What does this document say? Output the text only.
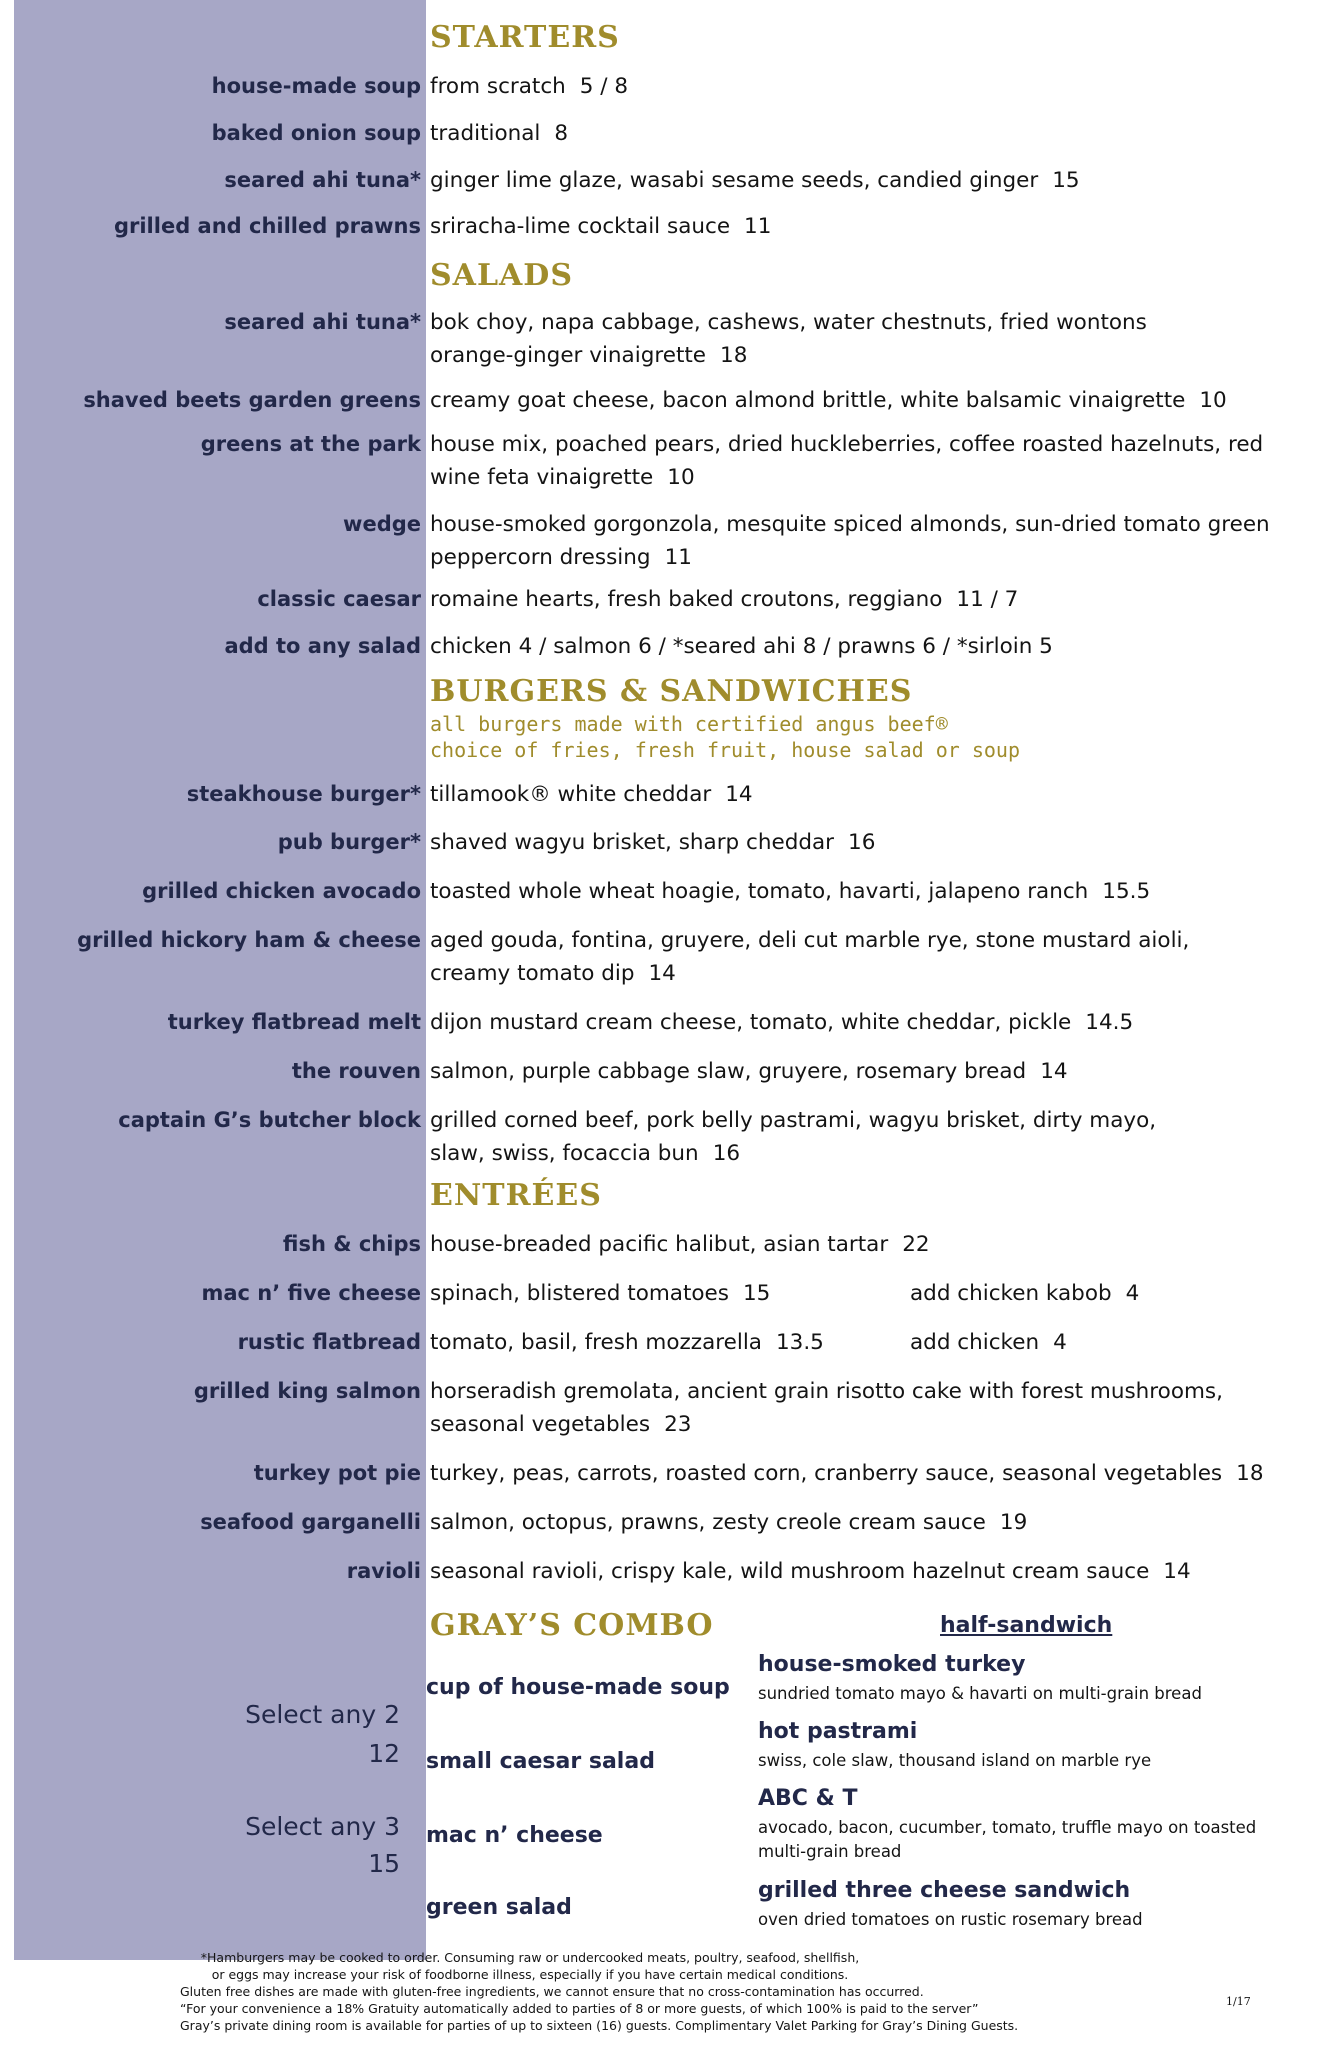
STARTERS
house-made soup from scratch 5 / 8
baked onion soup traditional 8
seared ahi tuna* ginger lime glaze, wasabi sesame seeds, candied ginger 15
grilled and chilled prawns sriracha-lime cocktail sauce 11
SALADS
seared ahi tuna* bok choy, napa cabbage, cashews, water chestnuts, fried wontons orange-ginger vinaigrette 18
shaved beets garden greens creamy goat cheese, bacon almond brittle, white balsamic vinaigrette 10
greens at the park house mix, poached pears, dried huckleberries, coffee roasted hazelnuts, red wine feta vinaigrette 10
wedge house-smoked gorgonzola, mesquite spiced almonds, sun-dried tomato green peppercorn dressing 11
classic caesar romaine hearts, fresh baked croutons, reggiano 11 / 7
add to any salad chicken 4 / salmon 6 / *seared ahi 8 / prawns 6 / *sirloin 5
BURGERS & SANDWICHES
all burgers made with certified angus beef®
choice of fries, fresh fruit, house salad or soup
steakhouse burger* tillamook® white cheddar 14
pub burger* shaved wagyu brisket, sharp cheddar 16
grilled chicken avocado toasted whole wheat hoagie, tomato, havarti, jalapeno ranch 15.5
grilled hickory ham & cheese aged gouda, fontina, gruyere, deli cut marble rye, stone mustard aioli, creamy tomato dip 14
turkey flatbread melt dijon mustard cream cheese, tomato, white cheddar, pickle 14.5
the rouven salmon, purple cabbage slaw, gruyere, rosemary bread 14
captain G’s butcher block grilled corned beef, pork belly pastrami, wagyu brisket, dirty mayo, slaw, swiss, focaccia bun 16
ENTRÉES
fish & chips house-breaded pacific halibut, asian tartar 22
mac n’ five cheese spinach, blistered tomatoes 15	add chicken kabob 4
rustic flatbread tomato, basil, fresh mozzarella 13.5	add chicken 4
grilled king salmon horseradish gremolata, ancient grain risotto cake with forest mushrooms, seasonal vegetables 23
turkey pot pie turkey, peas, carrots, roasted corn, cranberry sauce, seasonal vegetables 18
seafood garganelli salmon, octopus, prawns, zesty creole cream sauce 19
ravioli seasonal ravioli, crispy kale, wild mushroom hazelnut cream sauce 14
GRAY’S COMBO
Select any 2
12
Select any 3
15
cup of house-made soup
small caesar salad
mac n’ cheese
green salad
half-sandwich
house-smoked turkey
sundried tomato mayo & havarti on multi-grain bread
hot pastrami
swiss, cole slaw, thousand island on marble rye
ABC & T
avocado, bacon, cucumber, tomato, truffle mayo on toasted multi-grain bread
grilled three cheese sandwich
oven dried tomatoes on rustic rosemary bread
*Hamburgers may be cooked to order. Consuming raw or undercooked meats, poultry, seafood, shellfish,
or eggs may increase your risk of foodborne illness, especially if you have certain medical conditions.
Gluten free dishes are made with gluten-free ingredients, we cannot ensure that no cross-contamination has occurred.
“For your convenience a 18% Gratuity automatically added to parties of 8 or more guests, of which 100% is paid to the server”
Gray’s private dining room is available for parties of up to sixteen (16) guests. Complimentary Valet Parking for Gray’s Dining Guests.
1/17
